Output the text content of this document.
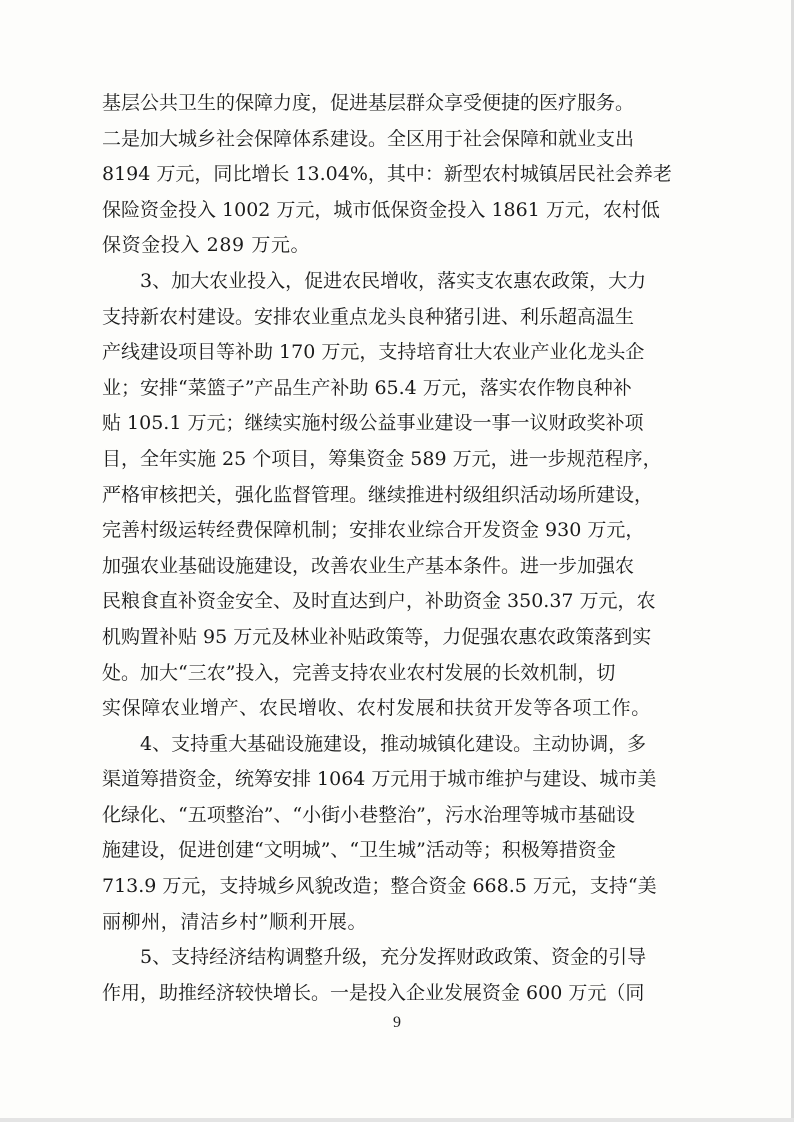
基层公共卫生的保障力度，促进基层群众享受便捷的医疗服务。
二是加大城乡社会保障体系建设。全区用于社会保障和就业支出
8194 万元，同比增长 13.04%，其中：新型农村城镇居民社会养老
保险资金投入 1002 万元，城市低保资金投入 1861 万元，农村低
保资金投入 289 万元。
3、加大农业投入，促进农民增收，落实支农惠农政策，大力
支持新农村建设。安排农业重点龙头良种猪引进、利乐超高温生
产线建设项目等补助 170 万元，支持培育壮大农业产业化龙头企
业；安排“菜篮子”产品生产补助 65.4 万元，落实农作物良种补
贴 105.1 万元；继续实施村级公益事业建设一事一议财政奖补项
目，全年实施 25 个项目，筹集资金 589 万元，进一步规范程序，
严格审核把关，强化监督管理。继续推进村级组织活动场所建设，
完善村级运转经费保障机制；安排农业综合开发资金 930 万元，
加强农业基础设施建设，改善农业生产基本条件。进一步加强农
民粮食直补资金安全、及时直达到户，补助资金 350.37 万元，农
机购置补贴 95 万元及林业补贴政策等，力促强农惠农政策落到实
处。加大“三农”投入，完善支持农业农村发展的长效机制，切
实保障农业增产、农民增收、农村发展和扶贫开发等各项工作。
4、支持重大基础设施建设，推动城镇化建设。主动协调，多
渠道筹措资金，统筹安排 1064 万元用于城市维护与建设、城市美
化绿化、“五项整治”、“小街小巷整治”，污水治理等城市基础设
施建设，促进创建“文明城”、“卫生城”活动等；积极筹措资金
713.9 万元，支持城乡风貌改造；整合资金 668.5 万元，支持“美
丽柳州，清洁乡村”顺利开展。
5、支持经济结构调整升级，充分发挥财政政策、资金的引导
作用，助推经济较快增长。一是投入企业发展资金 600 万元（同
9
